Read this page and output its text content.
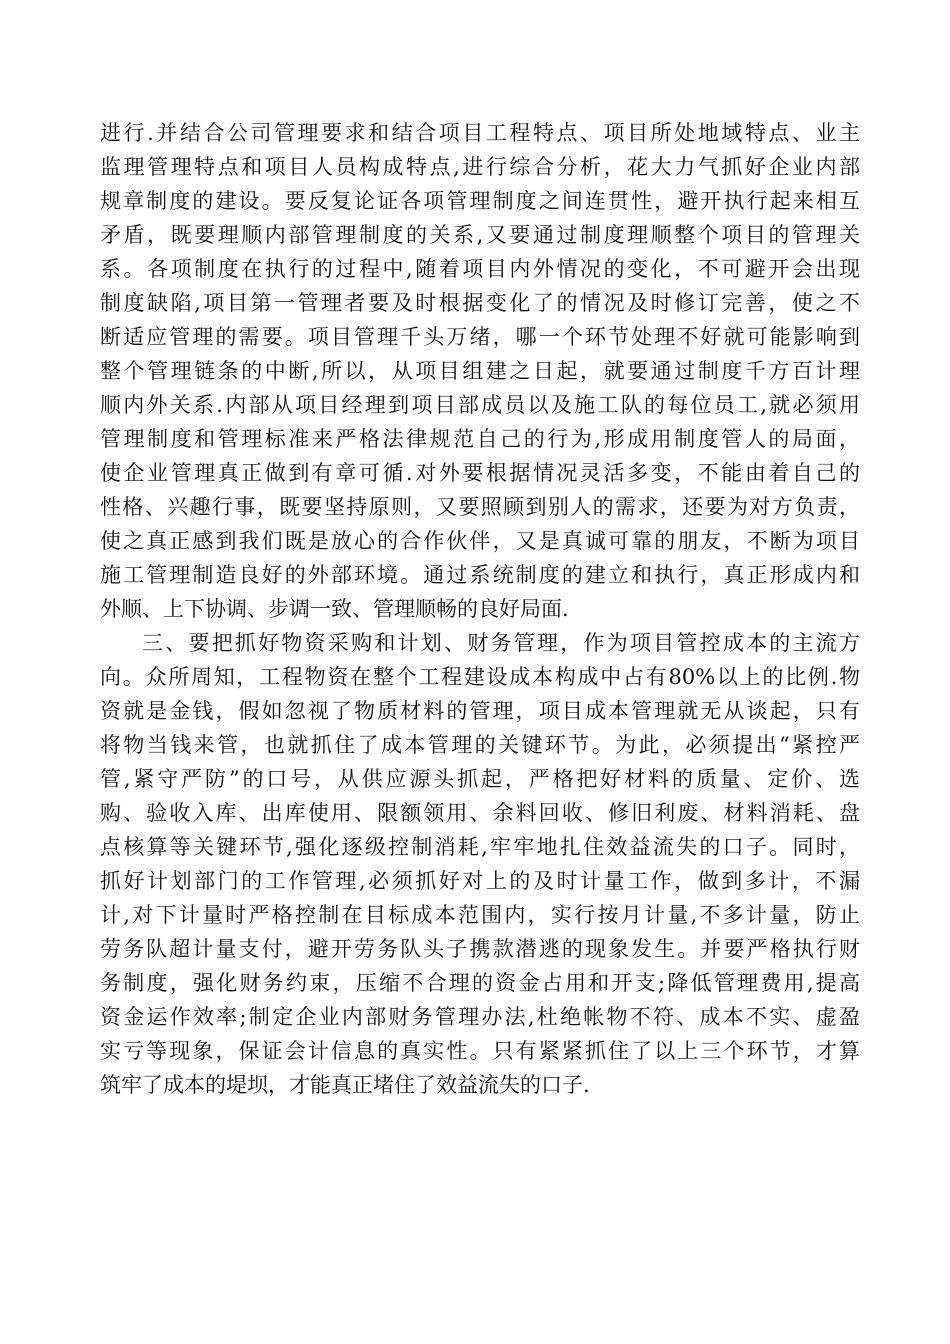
进行.并结合公司管理要求和结合项目工程特点、项目所处地域特点、业主
监理管理特点和项目人员构成特点,进行综合分析，花大力气抓好企业内部
规章制度的建设。要反复论证各项管理制度之间连贯性，避开执行起来相互
矛盾，既要理顺内部管理制度的关系,又要通过制度理顺整个项目的管理关
系。各项制度在执行的过程中,随着项目内外情况的变化，不可避开会出现
制度缺陷,项目第一管理者要及时根据变化了的情况及时修订完善，使之不
断适应管理的需要。项目管理千头万绪，哪一个环节处理不好就可能影响到
整个管理链条的中断,所以，从项目组建之日起，就要通过制度千方百计理
顺内外关系.内部从项目经理到项目部成员以及施工队的每位员工,就必须用
管理制度和管理标准来严格法律规范自己的行为,形成用制度管人的局面，
使企业管理真正做到有章可循.对外要根据情况灵活多变，不能由着自己的
性格、兴趣行事，既要坚持原则，又要照顾到别人的需求，还要为对方负责，
使之真正感到我们既是放心的合作伙伴，又是真诚可靠的朋友，不断为项目
施工管理制造良好的外部环境。通过系统制度的建立和执行，真正形成内和
外顺、上下协调、步调一致、管理顺畅的良好局面.
三、要把抓好物资采购和计划、财务管理，作为项目管控成本的主流方
向。众所周知，工程物资在整个工程建设成本构成中占有80%以上的比例.物
资就是金钱，假如忽视了物质材料的管理，项目成本管理就无从谈起，只有
将物当钱来管，也就抓住了成本管理的关键环节。为此，必须提出“紧控严
管,紧守严防”的口号，从供应源头抓起，严格把好材料的质量、定价、选
购、验收入库、出库使用、限额领用、余料回收、修旧利废、材料消耗、盘
点核算等关键环节,强化逐级控制消耗,牢牢地扎住效益流失的口子。同时，
抓好计划部门的工作管理,必须抓好对上的及时计量工作，做到多计，不漏
计,对下计量时严格控制在目标成本范围内，实行按月计量,不多计量，防止
劳务队超计量支付，避开劳务队头子携款潜逃的现象发生。并要严格执行财
务制度，强化财务约束，压缩不合理的资金占用和开支;降低管理费用,提高
资金运作效率;制定企业内部财务管理办法,杜绝帐物不符、成本不实、虚盈
实亏等现象，保证会计信息的真实性。只有紧紧抓住了以上三个环节，才算
筑牢了成本的堤坝，才能真正堵住了效益流失的口子.
